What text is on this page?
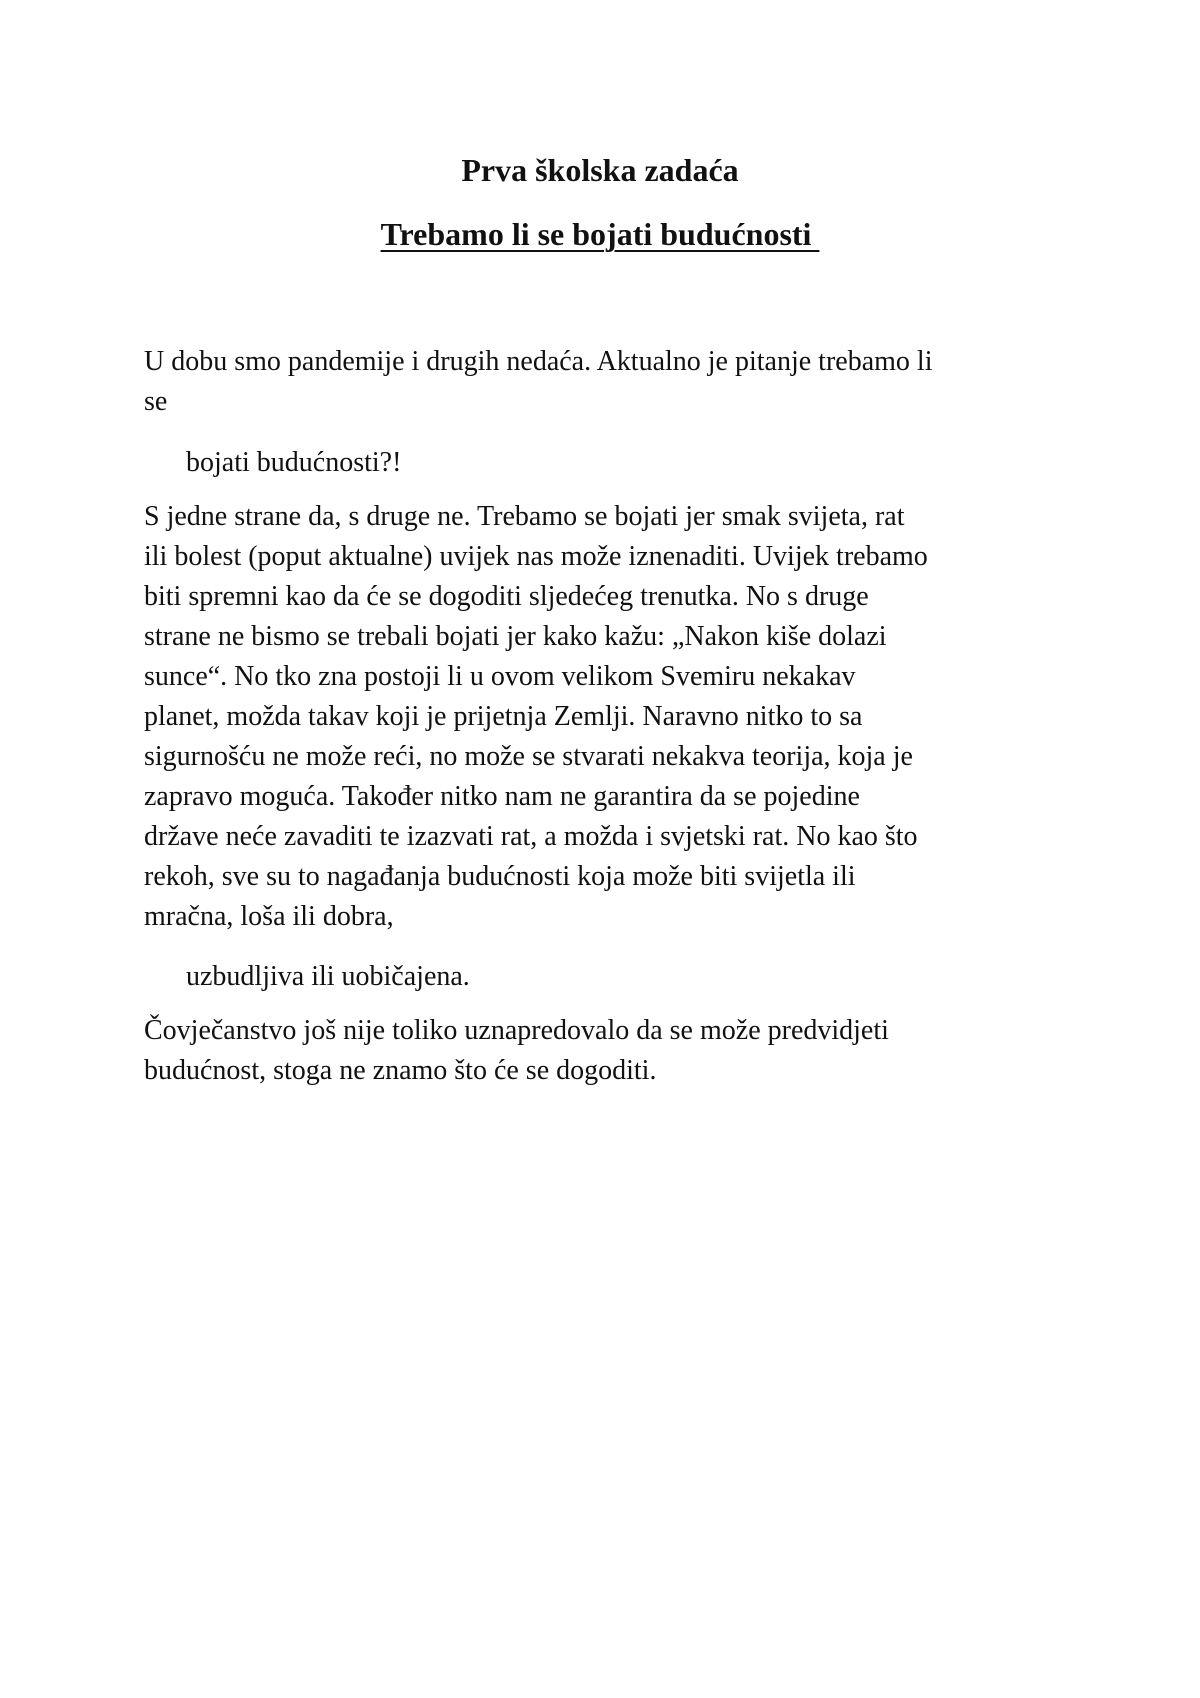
Prva školska zadaća
Trebamo li se bojati budućnosti

U dobu smo pandemije i drugih nedaća. Aktualno je pitanje trebamo li

se

bojati budućnosti?!

S jedne strane da, s druge ne. Trebamo se bojati jer smak svijeta, rat

ili bolest (poput aktualne) uvijek nas može iznenaditi. Uvijek trebamo

biti spremni kao da će se dogoditi sljedećeg trenutka. No s druge

strane ne bismo se trebali bojati jer kako kažu: „Nakon kiše dolazi

sunce“. No tko zna postoji li u ovom velikom Svemiru nekakav

planet, možda takav koji je prijetnja Zemlji. Naravno nitko to sa

sigurnošću ne može reći, no može se stvarati nekakva teorija, koja je

zapravo moguća. Također nitko nam ne garantira da se pojedine

države neće zavaditi te izazvati rat, a možda i svjetski rat. No kao što

rekoh, sve su to nagađanja budućnosti koja može biti svijetla ili

mračna, loša ili dobra,

uzbudljiva ili uobičajena.

Čovječanstvo još nije toliko uznapredovalo da se može predvidjeti

budućnost, stoga ne znamo što će se dogoditi.
